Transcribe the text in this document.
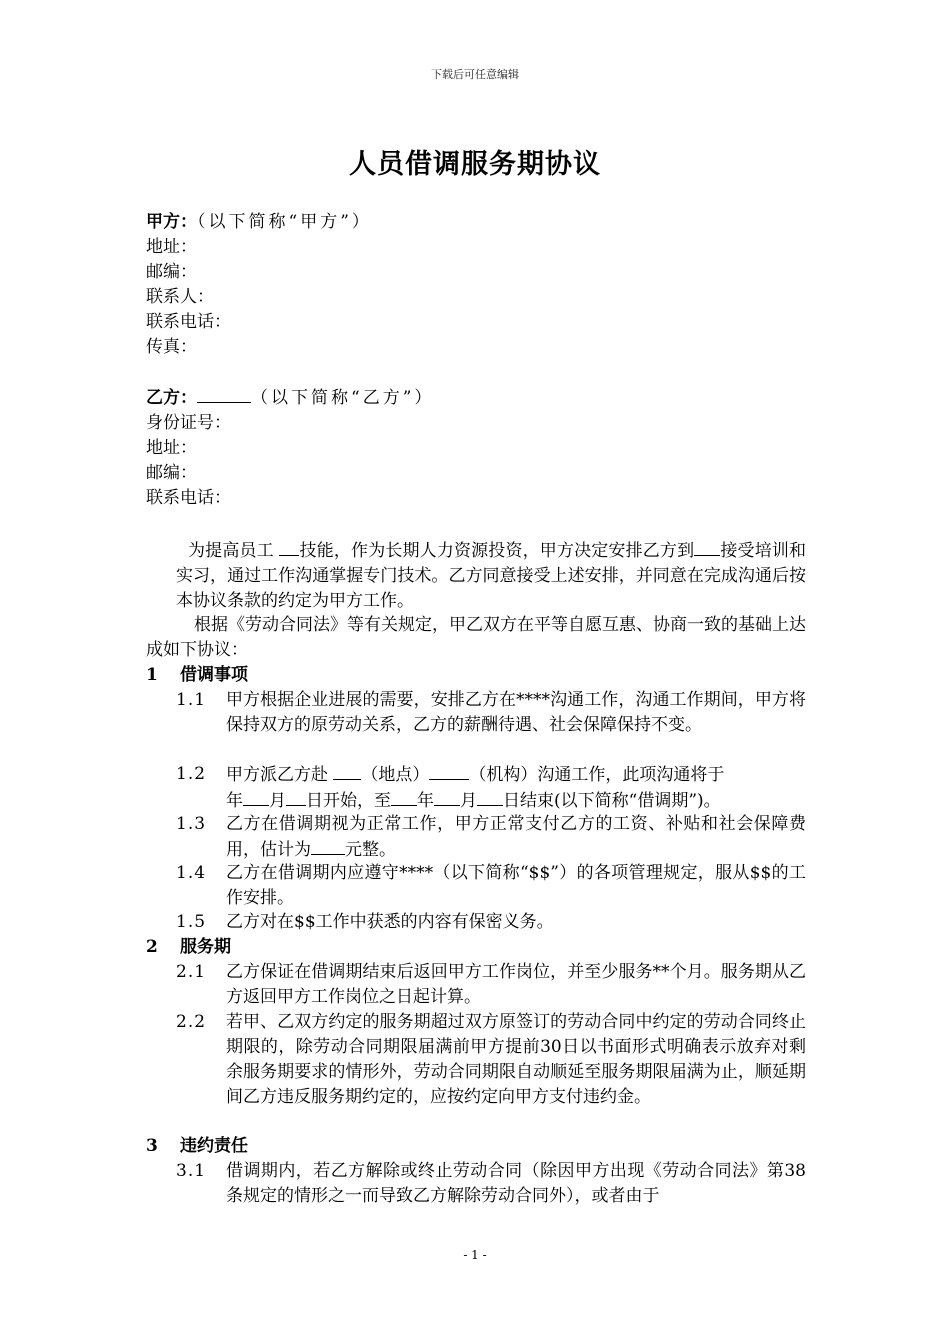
下载后可任意编辑
人员借调服务期协议
甲方：（以下简称“甲方”）
地址：
邮编：
联系人：
联系电话：
传真：
乙方：	（以下简称“乙方”）
身份证号：
地址：
邮编：
联系电话：
为提高员工 技能，作为长期人力资源投资，甲方决定安排乙方到 接受培训和实习，通过工作沟通掌握专门技术。乙方同意接受上述安排，并同意在完成沟通后按本协议条款的约定为甲方工作。
根据《劳动合同法》等有关规定，甲乙双方在平等自愿互惠、协商一致的基础上达成如下协议：
1 借调事项
1.1	甲方根据企业进展的需要，安排乙方在****沟通工作，沟通工作期间，甲方将保持双方的原劳动关系，乙方的薪酬待遇、社会保障保持不变。
1.2	甲方派乙方赴 （地点） （机构）沟通工作，此项沟通将于
年 月 日开始，至 年 月 日结束(以下简称“借调期”)。
1.3	乙方在借调期视为正常工作，甲方正常支付乙方的工资、补贴和社会保障费用，估计为 元整。
1.4	乙方在借调期内应遵守****（以下简称“$$”）的各项管理规定，服从$$的工作安排。
1.5	乙方对在$$工作中获悉的内容有保密义务。
2 服务期
2.1	乙方保证在借调期结束后返回甲方工作岗位，并至少服务**个月。服务期从乙方返回甲方工作岗位之日起计算。
2.2	若甲、乙双方约定的服务期超过双方原签订的劳动合同中约定的劳动合同终止期限的，除劳动合同期限届满前甲方提前30日以书面形式明确表示放弃对剩余服务期要求的情形外，劳动合同期限自动顺延至服务期限届满为止，顺延期间乙方违反服务期约定的，应按约定向甲方支付违约金。
3 违约责任
3.1	借调期内，若乙方解除或终止劳动合同（除因甲方出现《劳动合同法》第38条规定的情形之一而导致乙方解除劳动合同外），或者由于
- 1 -
